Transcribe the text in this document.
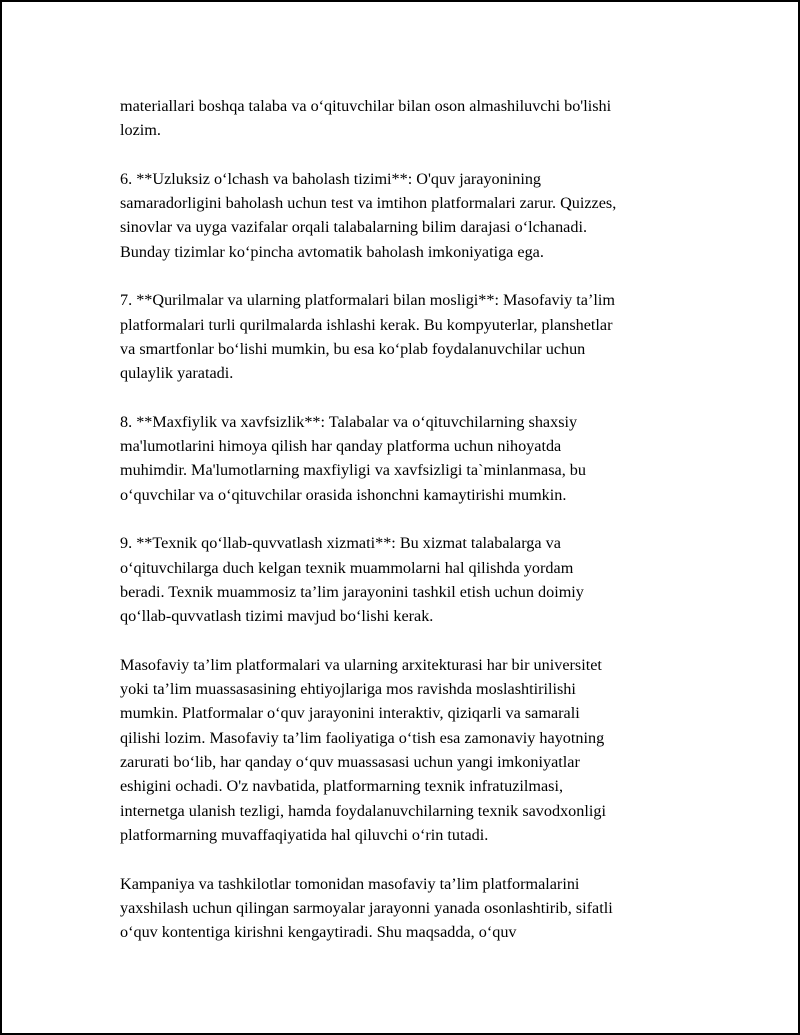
materiallari boshqa talaba va o‘qituvchilar bilan oson almashiluvchi bo'lishi
lozim.

6. **Uzluksiz o‘lchash va baholash tizimi**: O'quv jarayonining
samaradorligini baholash uchun test va imtihon platformalari zarur. Quizzes,
sinovlar va uyga vazifalar orqali talabalarning bilim darajasi o‘lchanadi.
Bunday tizimlar ko‘pincha avtomatik baholash imkoniyatiga ega.

7. **Qurilmalar va ularning platformalari bilan mosligi**: Masofaviy ta’lim
platformalari turli qurilmalarda ishlashi kerak. Bu kompyuterlar, planshetlar
va smartfonlar bo‘lishi mumkin, bu esa ko‘plab foydalanuvchilar uchun
qulaylik yaratadi.

8. **Maxfiylik va xavfsizlik**: Talabalar va o‘qituvchilarning shaxsiy
ma'lumotlarini himoya qilish har qanday platforma uchun nihoyatda
muhimdir. Ma'lumotlarning maxfiyligi va xavfsizligi ta`minlanmasa, bu
o‘quvchilar va o‘qituvchilar orasida ishonchni kamaytirishi mumkin.

9. **Texnik qo‘llab-quvvatlash xizmati**: Bu xizmat talabalarga va
o‘qituvchilarga duch kelgan texnik muammolarni hal qilishda yordam
beradi. Texnik muammosiz ta’lim jarayonini tashkil etish uchun doimiy
qo‘llab-quvvatlash tizimi mavjud bo‘lishi kerak.

Masofaviy ta’lim platformalari va ularning arxitekturasi har bir universitet
yoki ta’lim muassasasining ehtiyojlariga mos ravishda moslashtirilishi
mumkin. Platformalar o‘quv jarayonini interaktiv, qiziqarli va samarali
qilishi lozim. Masofaviy ta’lim faoliyatiga o‘tish esa zamonaviy hayotning
zarurati bo‘lib, har qanday o‘quv muassasasi uchun yangi imkoniyatlar
eshigini ochadi. O'z navbatida, platformarning texnik infratuzilmasi,
internetga ulanish tezligi, hamda foydalanuvchilarning texnik savodxonligi
platformarning muvaffaqiyatida hal qiluvchi o‘rin tutadi.

Kampaniya va tashkilotlar tomonidan masofaviy ta’lim platformalarini
yaxshilash uchun qilingan sarmoyalar jarayonni yanada osonlashtirib, sifatli
o‘quv kontentiga kirishni kengaytiradi. Shu maqsadda, o‘quv
